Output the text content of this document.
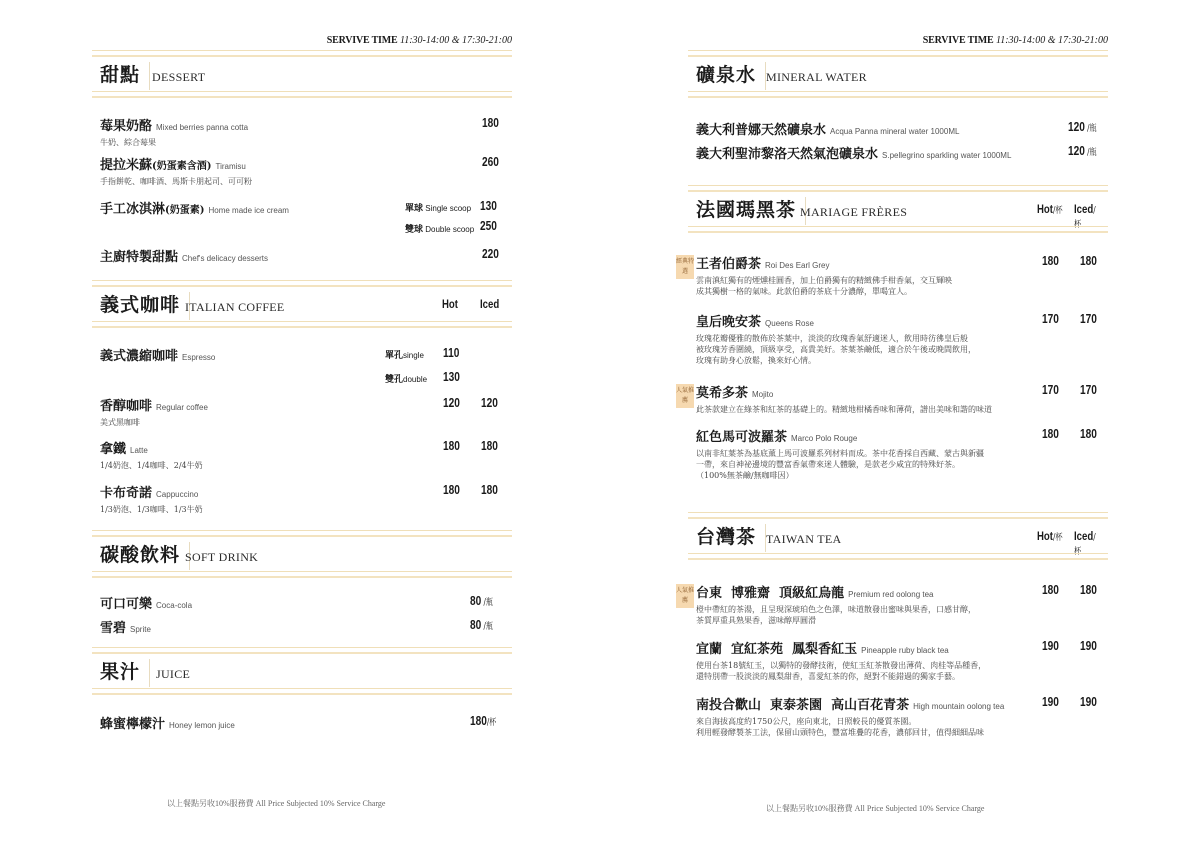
SERVIVE TIME 11:30-14:00 & 17:30-21:00
甜點 DESSERT
莓果奶酪 Mixed berries panna cotta
牛奶、綜合莓果
180
提拉米蘇(奶蛋素含酒) Tiramisu
手指餅乾、咖啡酒、馬斯卡朋起司、可可粉
260
手工冰淇淋(奶蛋素) Home made ice cream	單球 Single scoop 130
雙球 Double scoop 250
主廚特製甜點 Chef's delicacy desserts	220
義式咖啡 ITALIAN COFFEE	Hot Iced
義式濃縮咖啡 Espresso	單孔single 110
雙孔double 130
香醇咖啡 Regular coffee
美式黑咖啡
120 120
拿鐵 Latte
1/4奶泡、1/4咖啡、2/4牛奶
180 180
卡布奇諾 Cappuccino
1/3奶泡、1/3咖啡、1/3牛奶
180 180
碳酸飲料 SOFT DRINK
可口可樂 Coca-cola	80 /瓶
雪碧 Sprite	80 /瓶
果汁	JUICE
蜂蜜檸檬汁 Honey lemon juice	180/杯
以上餐點另收10%服務費 All Price Subjected 10% Service Charge
SERVIVE TIME 11:30-14:00 & 17:30-21:00
礦泉水 MINERAL WATER
義大利普娜天然礦泉水 Acqua Panna mineral water 1000ML	120 /瓶
義大利聖沛黎洛天然氣泡礦泉水 S.pellegrino sparkling water 1000ML	120 /瓶
法國瑪黑茶 MARIAGE FRÈRES	Hot/杯 Iced/杯
經典特選 王者伯爵茶 Roi Des Earl Grey
雲南滇紅獨有的煙燻桂圓香，加上伯爵獨有的精緻佛手柑香氣，交互輝映
成其獨樹一格的氣味。此款伯爵的茶底十分濃醇，單喝宜人。
180 180
皇后晚安茶 Queens Rose
玫瑰花瓣優雅的散佈於茶葉中，淡淡的玫瑰香氣舒適迷人，飲用時彷彿皇后般
被玫瑰芳香圍繞，頂級享受，高貴美好。茶葉茶鹼低，適合於午後或晚間飲用，
玫瑰有助身心放鬆，換來好心情。
170 170
人氣推薦 莫希多茶 Mojito
此茶款建立在綠茶和紅茶的基礎上的。精緻地柑橘香味和薄荷，譜出美味和諧的味道
170 170
紅色馬可波羅茶 Marco Polo Rouge
以南非紅葉茶為基底薰上馬可波羅系列材料而成。茶中花香採自西藏、蒙古與新疆
一帶，來自神祕邊境的豐富香氣帶來迷人體驗，是款老少咸宜的特殊好茶。
（100%無茶鹼/無咖啡因）
180 180
台灣茶 TAIWAN TEA	Hot/杯 Iced/杯
人氣推薦 台東  博雅齋  頂級紅烏龍 Premium red oolong tea
橙中帶紅的茶湯，且呈現深琥珀色之色澤，味道散發出蜜味與果香，口感甘醇，
茶質厚重具熟果香，滋味醇厚圓滑
180 180
宜蘭  宜紅茶苑  鳳梨香紅玉 Pineapple ruby black tea
使用台茶18號紅玉，以獨特的發酵技術，使紅玉紅茶散發出薄荷、肉桂等品種香，
還特別帶一股淡淡的鳳梨甜香，喜愛紅茶的你，絕對不能錯過的獨家手藝。
190 190
南投合歡山  東泰茶園  高山百花青茶 High mountain oolong tea
來自海拔高度約1750公尺，座向東北，日照較長的優質茶園。
利用輕發酵製茶工法，保留山頭特色，豐富堆疊的花香，濃郁回甘，值得細細品味
190 190
以上餐點另收10%服務費 All Price Subjected 10% Service Charge
